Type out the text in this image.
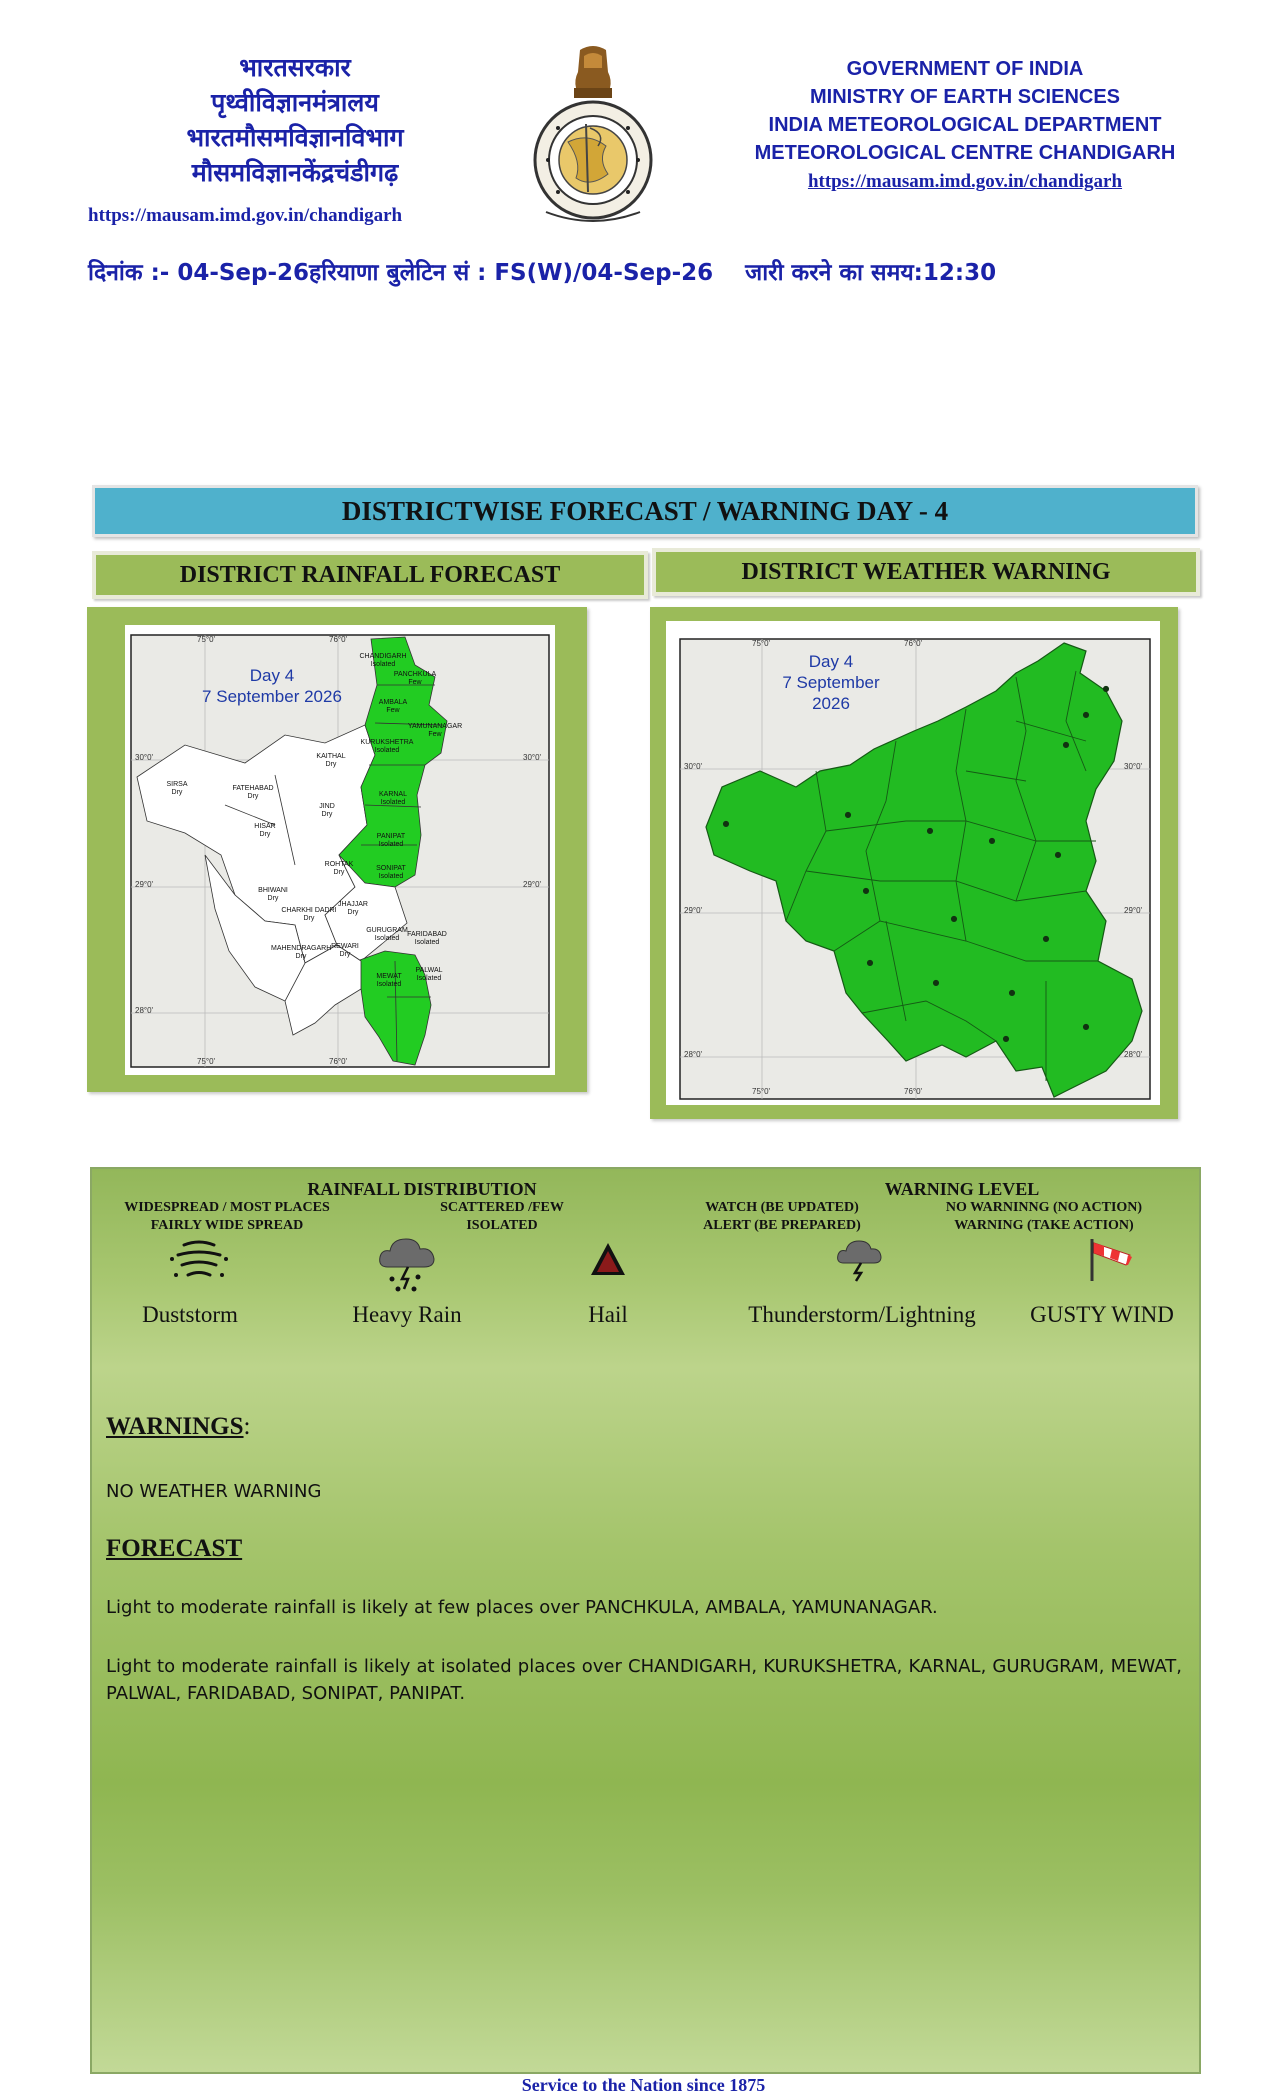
भारतसरकार
पृथ्वीविज्ञानमंत्रालय
भारतमौसमविज्ञानविभाग
मौसमविज्ञानकेंद्रचंडीगढ़
https://mausam.imd.gov.in/chandigarh
GOVERNMENT OF INDIA
MINISTRY OF EARTH SCIENCES
INDIA METEOROLOGICAL DEPARTMENT
METEOROLOGICAL CENTRE CHANDIGARH
https://mausam.imd.gov.in/chandigarh
दिनांक :- 04-Sep-26हरियाणा बुलेटिन सं : FS(W)/04-Sep-26    जारी करने का समय:12:30
DISTRICTWISE FORECAST / WARNING DAY - 4
DISTRICT RAINFALL FORECAST	DISTRICT WEATHER WARNING
Day 4
7 September 2026
75°0'	76°0'
75°0'	76°0'
30°0'
29°0'
28°0'
30°0'
29°0'
CHANDIGARH
Isolated
PANCHKULA
Few
AMBALA
Few
YAMUNANAGAR
Few
KURUKSHETRA
Isolated
KAITHAL
Dry
KARNAL
Isolated
SIRSA
Dry
FATEHABAD
Dry
JIND
Dry
PANIPAT
Isolated
HISAR
Dry
SONIPAT
Isolated
ROHTAK
Dry
BHIWANI
Dry
JHAJJAR
Dry
CHARKHI DADRI
Dry
GURUGRAM
Isolated
FARIDABAD
Isolated
MAHENDRAGARH
Dry
REWARI
Dry
PALWAL
Isolated
MEWAT
Isolated
●
●
●
●
●
●
●
●
●
●
●
●
●
●
●
●
Day 4
7 September
2026
75°0'	76°0'
75°0'	76°0'
30°0'
29°0'
28°0'
30°0'
29°0'
28°0'
RAINFALL DISTRIBUTION
WIDESPREAD / MOST PLACES
FAIRLY WIDE SPREAD
SCATTERED /FEW
ISOLATED
WARNING LEVEL
WATCH (BE UPDATED)
ALERT (BE PREPARED)
NO WARNINNG (NO ACTION)
WARNING (TAKE ACTION)
Duststorm	Heavy Rain	Hail	Thunderstorm/Lightning	GUSTY WIND
WARNINGS:
NO WEATHER WARNING
FORECAST
Light to moderate rainfall is likely at few places over PANCHKULA, AMBALA, YAMUNANAGAR.
Light to moderate rainfall is likely at isolated places over CHANDIGARH, KURUKSHETRA, KARNAL, GURUGRAM, MEWAT, PALWAL, FARIDABAD, SONIPAT, PANIPAT.
Service to the Nation since 1875
